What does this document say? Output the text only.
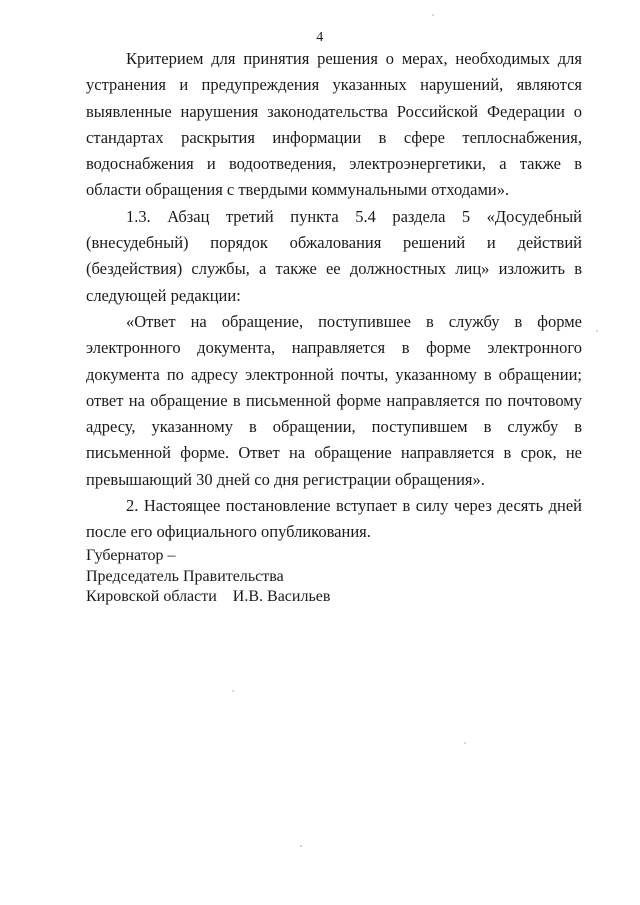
4

Критерием для принятия решения о мерах, необходимых для устранения и предупреждения указанных нарушений, являются выявленные нарушения законодательства Российской Федерации о стандартах раскрытия информации в сфере теплоснабжения, водоснабжения и водоотведения, электроэнергетики, а также в области обращения с твердыми коммунальными отходами».

1.3. Абзац третий пункта 5.4 раздела 5 «Досудебный (внесудебный) порядок обжалования решений и действий (бездействия) службы, а также ее должностных лиц» изложить в следующей редакции:

«Ответ на обращение, поступившее в службу в форме электронного документа, направляется в форме электронного документа по адресу электронной почты, указанному в обращении; ответ на обращение в письменной форме направляется по почтовому адресу, указанному в обращении, поступившем в службу в письменной форме. Ответ на обращение направляется в срок, не превышающий 30 дней со дня регистрации обращения».

2. Настоящее постановление вступает в силу через десять дней после его официального опубликования.

Губернатор –
Председатель Правительства
Кировской области    И.В. Васильев
